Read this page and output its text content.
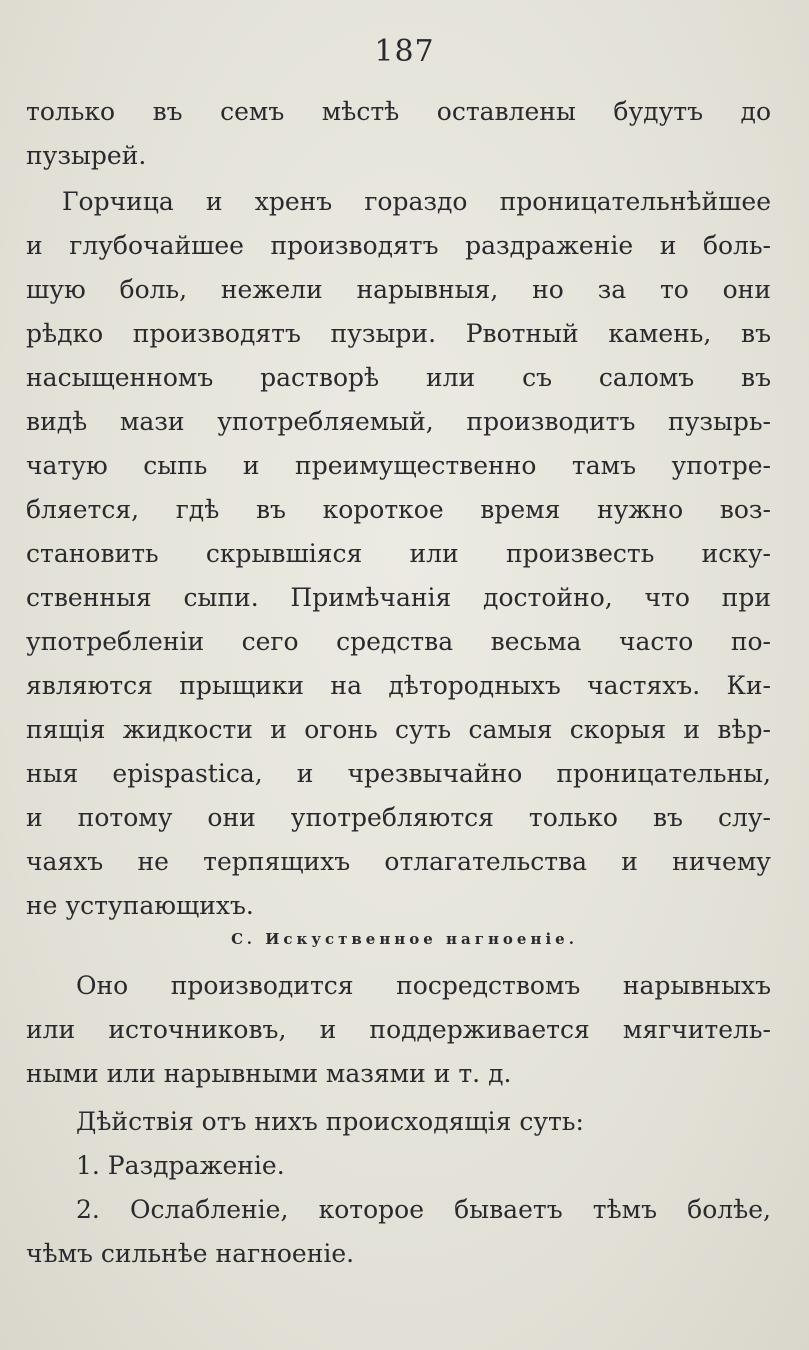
187
только въ семъ мѣстѣ оставлены будутъ до
пузырей.
Горчица и хренъ гораздо проницательнѣйшее
и глубочайшее производятъ раздраженіе и боль-
шую боль, нежели нарывныя, но за то они
рѣдко производятъ пузыри. Рвотный камень, въ
насыщенномъ растворѣ или съ саломъ въ
видѣ мази употребляемый, производитъ пузырь-
чатую сыпь и преимущественно тамъ употре-
бляется, гдѣ въ короткое время нужно воз-
становить скрывшіяся или произвесть иску-
ственныя сыпи. Примѣчанія достойно, что при
употребленіи сего средства весьма часто по-
являются прыщики на дѣтородныхъ частяхъ. Ки-
пящія жидкости и огонь суть самыя скорыя и вѣр-
ныя epispastica, и чрезвычайно проницательны,
и потому они употребляются только въ слу-
чаяхъ не терпящихъ отлагательства и ничему
не уступающихъ.
C. Искуственное нагноеніе.
Оно производится посредствомъ нарывныхъ
или источниковъ, и поддерживается мягчитель-
ными или нарывными мазями и т. д.
Дѣйствія отъ нихъ происходящія суть:
1. Раздраженіе.
2. Ослабленіе, которое бываетъ тѣмъ болѣе,
чѣмъ сильнѣе нагноеніе.
